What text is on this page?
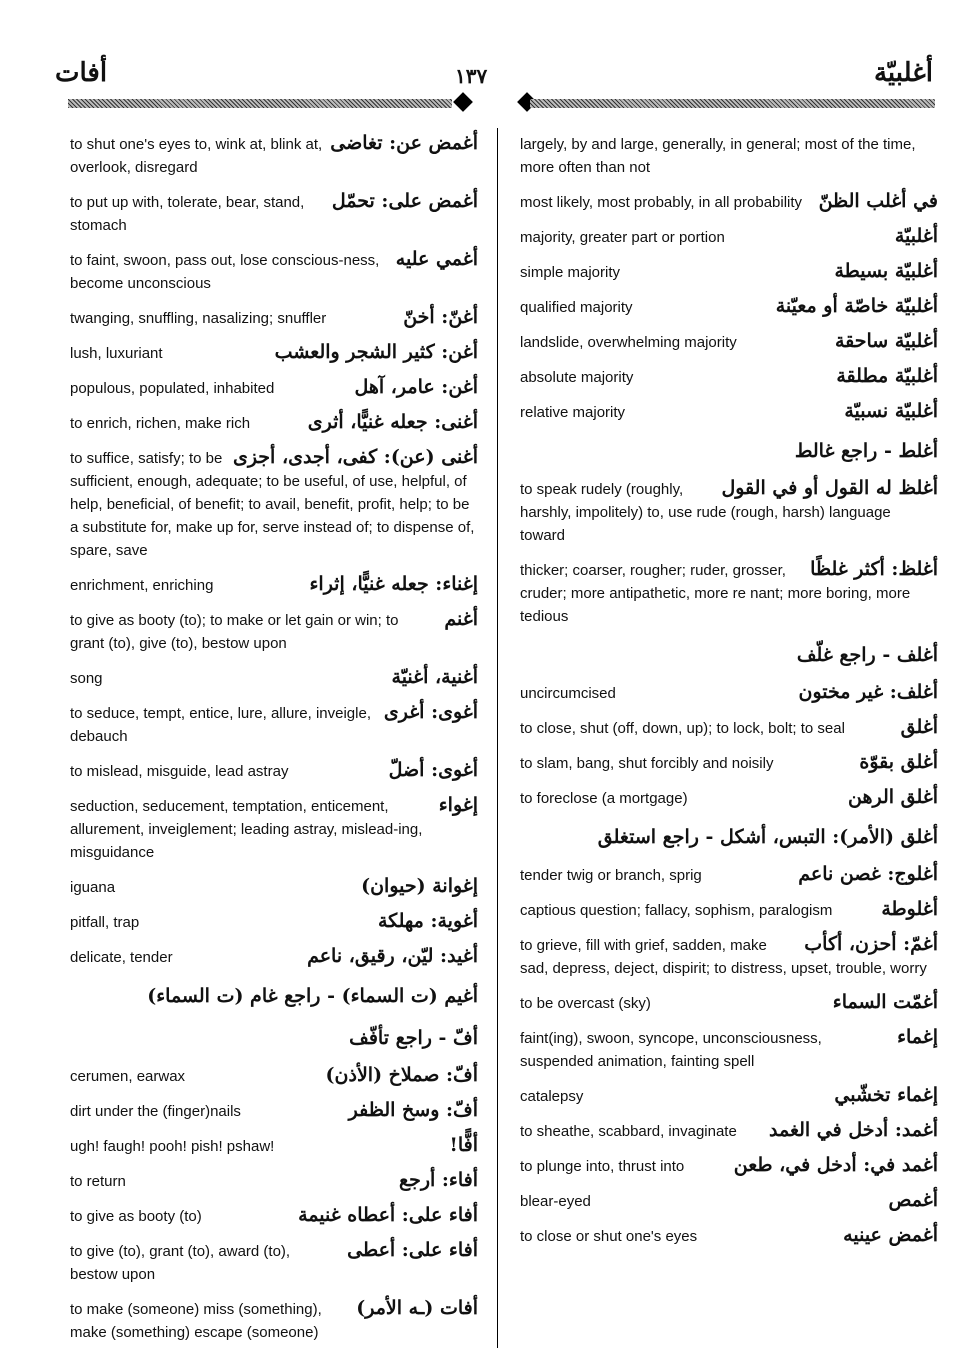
أغلبيّة
١٣٧
أفات
أغمض عن: تغاضى
to shut one's eyes to, wink at, blink at, overlook, disregard
أغمض على: تحمّل
to put up with, tolerate, bear, stand, stomach
أغمي عليه
to faint, swoon, pass out, lose conscious-ness, become unconscious
أغنّ: أخنّ
twanging, snuffling, nasalizing; snuffler
أغن: كثير الشجر والعشب
lush, luxuriant
أغن: عامر، آهل
populous, populated, inhabited
أغنى: جعله غنيًّا، أثرى
to enrich, richen, make rich
أغنى (عن): كفى، أجدى، أجزى
to suffice, satisfy; to be sufficient, enough, adequate; to be useful, of use, helpful, of help, beneficial, of benefit; to avail, benefit, profit, help; to be a substitute for, make up for, serve instead of; to dispense of, spare, save
إغناء: جعله غنيًّا، إثراء
enrichment, enriching
أغنم
to give as booty (to); to make or let gain or win; to grant (to), give (to), bestow upon
أغنية، أغنيّة
song
أغوى: أغرى
to seduce, tempt, entice, lure, allure, inveigle, debauch
أغوى: أضلّ
to mislead, misguide, lead astray
إغواء
seduction, seducement, temptation, enticement, allurement, inveiglement; leading astray, mislead-ing, misguidance
إغوانة (حيوان)
iguana
أغوية: مهلكة
pitfall, trap
أغيد: ليّن، رقيق، ناعم
delicate, tender
أغيم (ت السماء) - راجع غام (ت السماء)
أفّ - راجع تأفّف
أفّ: صملاخ (الأذن)
cerumen, earwax
أفّ: وسخ الظفر
dirt under the (finger)nails
أفًّا!
ugh! faugh! pooh! pish! pshaw!
أفاء: أرجع
to return
أفاء على: أعطاه غنيمة
to give as booty (to)
أفاء على: أعطى
to give (to), grant (to), award (to), bestow upon
أفات (ـه الأمر)
to make (someone) miss (something), make (something) escape (someone)
largely, by and large, generally, in general; most of the time, more often than not
في أغلب الظنّ
most likely, most probably, in all probability
أغلبيّة
majority, greater part or portion
أغلبيّة بسيطة
simple majority
أغلبيّة خاصّة أو معيّنة
qualified majority
أغلبيّة ساحقة
landslide, overwhelming majority
أغلبيّة مطلقة
absolute majority
أغلبيّة نسبيّة
relative majority
أغلط - راجع غالط
أغلظ له القول أو في القول
to speak rudely (roughly, harshly, impolitely) to, use rude (rough, harsh) language toward
أغلظ: أكثر غلظًا
thicker; coarser, rougher; ruder, grosser, cruder; more antipathetic, more re nant; more boring, more tedious
أغلف - راجع غلّف
أغلف: غير مختون
uncircumcised
أغلق
to close, shut (off, down, up); to lock, bolt; to seal
أغلق بقوّة
to slam, bang, shut forcibly and noisily
أغلق الرهن
to foreclose (a mortgage)
أغلق (الأمر): التبس، أشكل - راجع استغلق
أغلوج: غصن ناعم
tender twig or branch, sprig
أغلوطة
captious question; fallacy, sophism, paralogism
أغمّ: أحزن، أكأب
to grieve, fill with grief, sadden, make sad, depress, deject, dispirit; to distress, upset, trouble, worry
أغمّت السماء
to be overcast (sky)
إغماء
faint(ing), swoon, syncope, unconsciousness, suspended animation, fainting spell
إغماء تخشّبي
catalepsy
أغمد: أدخل في الغمد
to sheathe, scabbard, invaginate
أغمد في: أدخل في، طعن
to plunge into, thrust into
أغمص
blear-eyed
أغمض عينيه
to close or shut one's eyes
